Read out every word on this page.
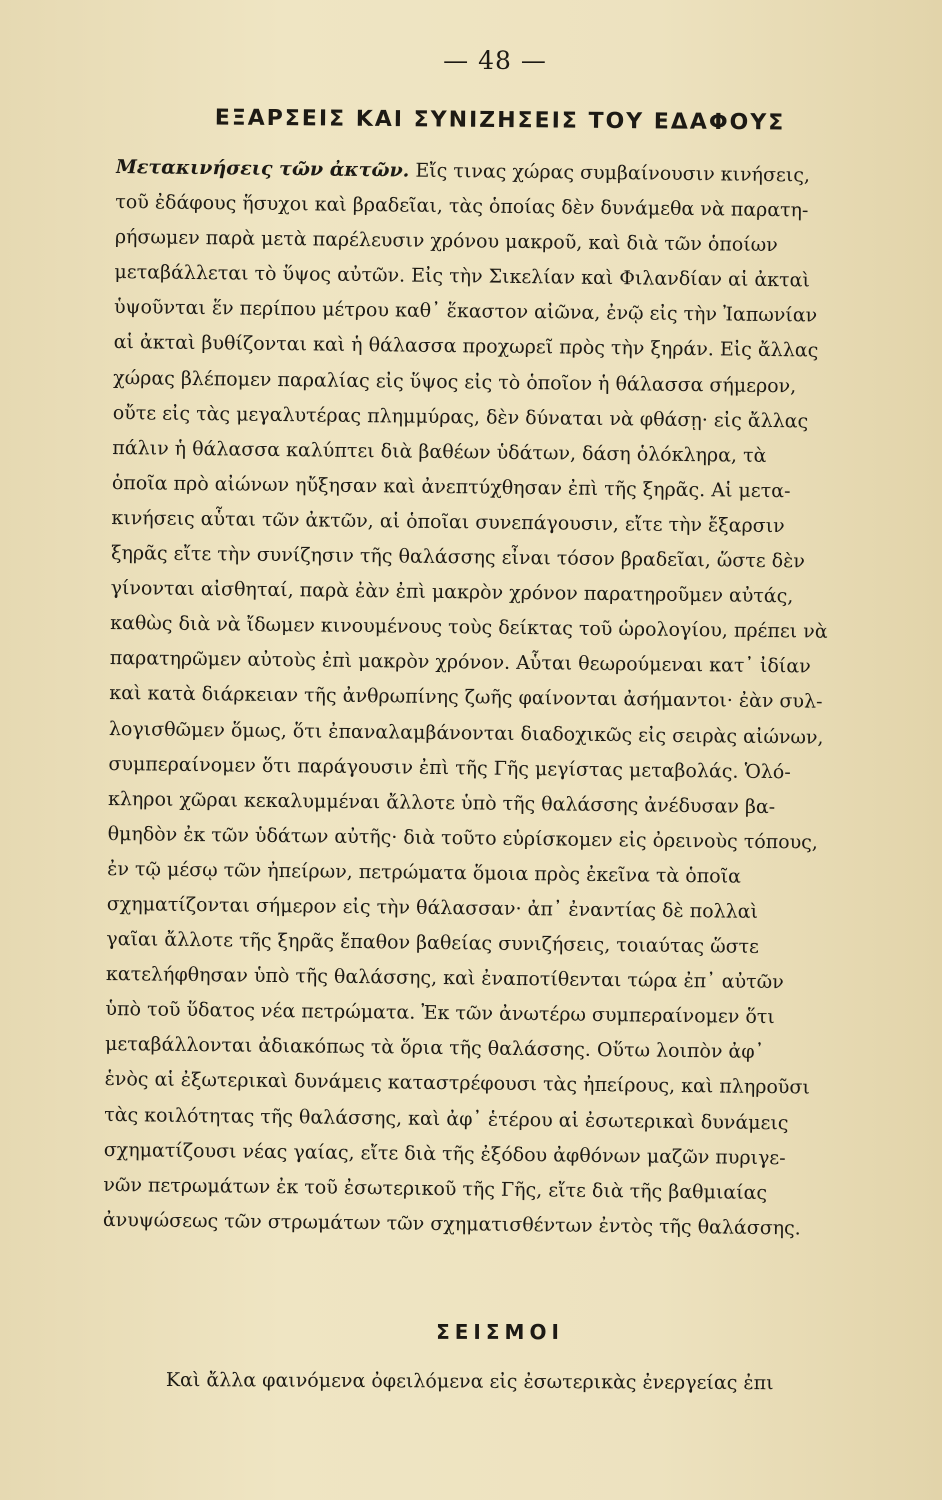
— 48 —
ΕΞΑΡΣΕΙΣ ΚΑΙ ΣΥΝΙΖΗΣΕΙΣ ΤΟΥ ΕΔΑΦΟΥΣ
Μετακινήσεις τῶν ἀκτῶν. Εἴς τινας χώρας συμβαίνουσιν κινήσεις,
τοῦ ἐδάφους ἥσυχοι καὶ βραδεῖαι, τὰς ὁποίας δὲν δυνάμεθα νὰ παρατη-
ρήσωμεν παρὰ μετὰ παρέλευσιν χρόνου μακροῦ, καὶ διὰ τῶν ὁποίων
μεταβάλλεται τὸ ὕψος αὐτῶν. Εἰς τὴν Σικελίαν καὶ Φιλανδίαν αἱ ἀκταὶ
ὑψοῦνται ἕν περίπου μέτρου καθ᾽ ἕκαστον αἰῶνα, ἐνῷ εἰς τὴν Ἰαπωνίαν
αἱ ἀκταὶ βυθίζονται καὶ ἡ θάλασσα προχωρεῖ πρὸς τὴν ξηράν. Εἰς ἄλλας
χώρας βλέπομεν παραλίας εἰς ὕψος εἰς τὸ ὁποῖον ἡ θάλασσα σήμερον,
οὔτε εἰς τὰς μεγαλυτέρας πλημμύρας, δὲν δύναται νὰ φθάσῃ· εἰς ἄλλας
πάλιν ἡ θάλασσα καλύπτει διὰ βαθέων ὑδάτων, δάση ὁλόκληρα, τὰ
ὁποῖα πρὸ αἰώνων ηὔξησαν καὶ ἀνεπτύχθησαν ἐπὶ τῆς ξηρᾶς. Αἱ μετα-
κινήσεις αὗται τῶν ἀκτῶν, αἱ ὁποῖαι συνεπάγουσιν, εἴτε τὴν ἔξαρσιν
ξηρᾶς εἴτε τὴν συνίζησιν τῆς θαλάσσης εἶναι τόσον βραδεῖαι, ὥστε δὲν
γίνονται αἰσθηταί, παρὰ ἐὰν ἐπὶ μακρὸν χρόνον παρατηροῦμεν αὐτάς,
καθὼς διὰ νὰ ἴδωμεν κινουμένους τοὺς δείκτας τοῦ ὡρολογίου, πρέπει νὰ
παρατηρῶμεν αὐτοὺς ἐπὶ μακρὸν χρόνον. Αὗται θεωρούμεναι κατ᾽ ἰδίαν
καὶ κατὰ διάρκειαν τῆς ἀνθρωπίνης ζωῆς φαίνονται ἀσήμαντοι· ἐὰν συλ-
λογισθῶμεν ὅμως, ὅτι ἐπαναλαμβάνονται διαδοχικῶς εἰς σειρὰς αἰώνων,
συμπεραίνομεν ὅτι παράγουσιν ἐπὶ τῆς Γῆς μεγίστας μεταβολάς. Ὁλό-
κληροι χῶραι κεκαλυμμέναι ἄλλοτε ὑπὸ τῆς θαλάσσης ἀνέδυσαν βα-
θμηδὸν ἐκ τῶν ὑδάτων αὐτῆς· διὰ τοῦτο εὑρίσκομεν εἰς ὀρεινοὺς τόπους,
ἐν τῷ μέσῳ τῶν ἠπείρων, πετρώματα ὅμοια πρὸς ἐκεῖνα τὰ ὁποῖα
σχηματίζονται σήμερον εἰς τὴν θάλασσαν· ἀπ᾽ ἐναντίας δὲ πολλαὶ
γαῖαι ἄλλοτε τῆς ξηρᾶς ἔπαθον βαθείας συνιζήσεις, τοιαύτας ὥστε
κατελήφθησαν ὑπὸ τῆς θαλάσσης, καὶ ἐναποτίθενται τώρα ἐπ᾽ αὐτῶν
ὑπὸ τοῦ ὕδατος νέα πετρώματα. Ἐκ τῶν ἀνωτέρω συμπεραίνομεν ὅτι
μεταβάλλονται ἀδιακόπως τὰ ὅρια τῆς θαλάσσης. Οὕτω λοιπὸν ἀφ᾽
ἑνὸς αἱ ἐξωτερικαὶ δυνάμεις καταστρέφουσι τὰς ἠπείρους, καὶ πληροῦσι
τὰς κοιλότητας τῆς θαλάσσης, καὶ ἀφ᾽ ἑτέρου αἱ ἐσωτερικαὶ δυνάμεις
σχηματίζουσι νέας γαίας, εἴτε διὰ τῆς ἐξόδου ἀφθόνων μαζῶν πυριγε-
νῶν πετρωμάτων ἐκ τοῦ ἐσωτερικοῦ τῆς Γῆς, εἴτε διὰ τῆς βαθμιαίας
ἀνυψώσεως τῶν στρωμάτων τῶν σχηματισθέντων ἐντὸς τῆς θαλάσσης.
ΣΕΙΣΜΟΙ
Καὶ ἄλλα φαινόμενα ὀφειλόμενα εἰς ἐσωτερικὰς ἐνεργείας ἐπι
